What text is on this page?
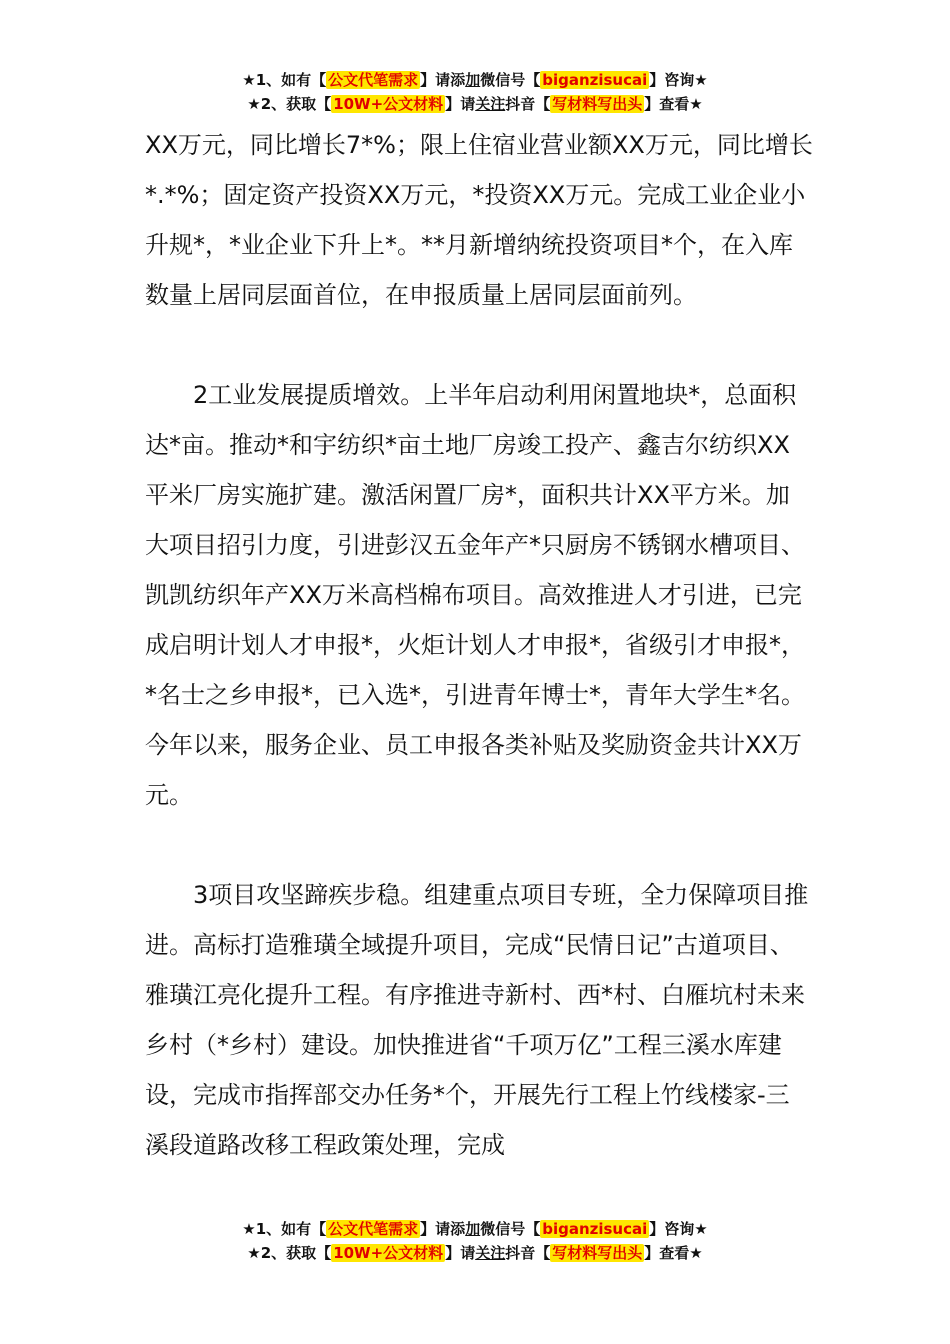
★1、如有【 公文代笔需求 】请添加微信号【 biganzisucai 】咨询★
★2、获取【 10W+公文材料 】请关注抖音【 写材料写出头 】查看★

XX万元，同比增长7*%；限上住宿业营业额XX万元，同比增长*.*%；固定资产投资XX万元，*投资XX万元。完成工业企业小升规*，*业企业下升上*。**月新增纳统投资项目*个，在入库数量上居同层面首位，在申报质量上居同层面前列。

2工业发展提质增效。上半年启动利用闲置地块*，总面积达*亩。推动*和宇纺织*亩土地厂房竣工投产、鑫吉尔纺织XX平米厂房实施扩建。激活闲置厂房*，面积共计XX平方米。加大项目招引力度，引进彭汉五金年产*只厨房不锈钢水槽项目、凯凯纺织年产XX万米高档棉布项目。高效推进人才引进，已完成启明计划人才申报*，火炬计划人才申报*，省级引才申报*，*名士之乡申报*，已入选*，引进青年博士*，青年大学生*名。今年以来，服务企业、员工申报各类补贴及奖励资金共计XX万元。

3项目攻坚蹄疾步稳。组建重点项目专班，全力保障项目推进。高标打造雅璜全域提升项目，完成“民情日记”古道项目、雅璜江亮化提升工程。有序推进寺新村、西*村、白雁坑村未来乡村（*乡村）建设。加快推进省“千项万亿”工程三溪水库建设，完成市指挥部交办任务*个，开展先行工程上竹线楼家-三溪段道路改移工程政策处理，完成

★1、如有【 公文代笔需求 】请添加微信号【 biganzisucai 】咨询★
★2、获取【 10W+公文材料 】请关注抖音【 写材料写出头 】查看★
